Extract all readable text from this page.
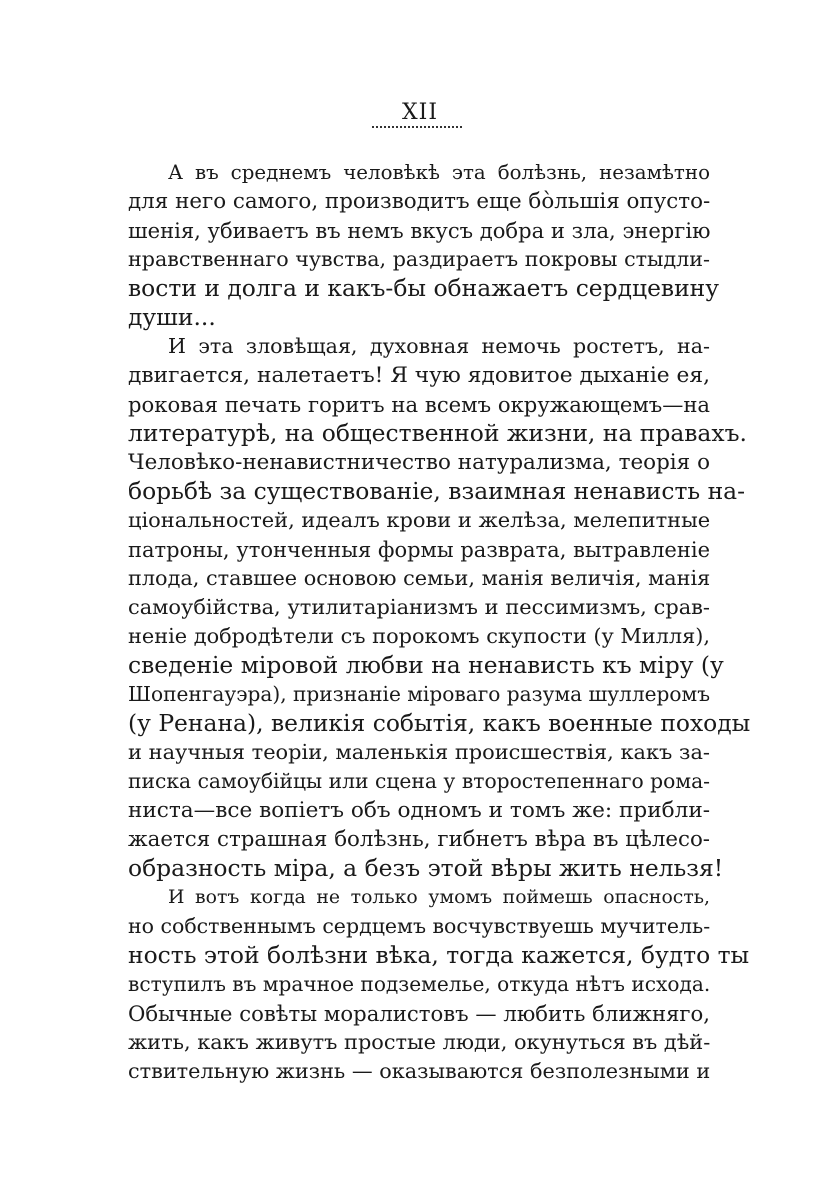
XII

А въ среднемъ человѣкѣ эта болѣзнь, незамѣтно
для него самого, производитъ еще бо̀льшія опусто-
шенія, убиваетъ въ немъ вкусъ добра и зла, энергію
нравственнаго чувства, раздираетъ покровы стыдли-
вости и долга и какъ-бы обнажаетъ сердцевину
души...

И эта зловѣщая, духовная немочь ростетъ, на-
двигается, налетаетъ! Я чую ядовитое дыханіе ея,
роковая печать горитъ на всемъ окружающемъ—на
литературѣ, на общественной жизни, на правахъ.
Человѣко-ненавистничество натурализма, теорія о
борьбѣ за существованіе, взаимная ненависть на-
ціональностей, идеалъ крови и желѣза, мелепитные
патроны, утонченныя формы разврата, вытравленіе
плода, ставшее основою семьи, манія величія, манія
самоубійства, утилитаріанизмъ и пессимизмъ, срав-
неніе добродѣтели съ порокомъ скупости (у Милля),
сведеніе міровой любви на ненависть къ міру (у
Шопенгауэра), признаніе міроваго разума шуллеромъ
(у Ренана), великія событія, какъ военные походы
и научныя теоріи, маленькія происшествія, какъ за-
писка самоубійцы или сцена у второстепеннаго рома-
ниста—все вопіетъ объ одномъ и томъ же: прибли-
жается страшная болѣзнь, гибнетъ вѣра въ цѣлесо-
образность міра, а безъ этой вѣры жить нельзя!

И вотъ когда не только умомъ поймешь опасность,
но собственнымъ сердцемъ восчувствуешь мучитель-
ность этой болѣзни вѣка, тогда кажется, будто ты
вступилъ въ мрачное подземелье, откуда нѣтъ исхода.
Обычные совѣты моралистовъ — любить ближняго,
жить, какъ живутъ простые люди, окунуться въ дѣй-
ствительную жизнь — оказываются безполезными и
